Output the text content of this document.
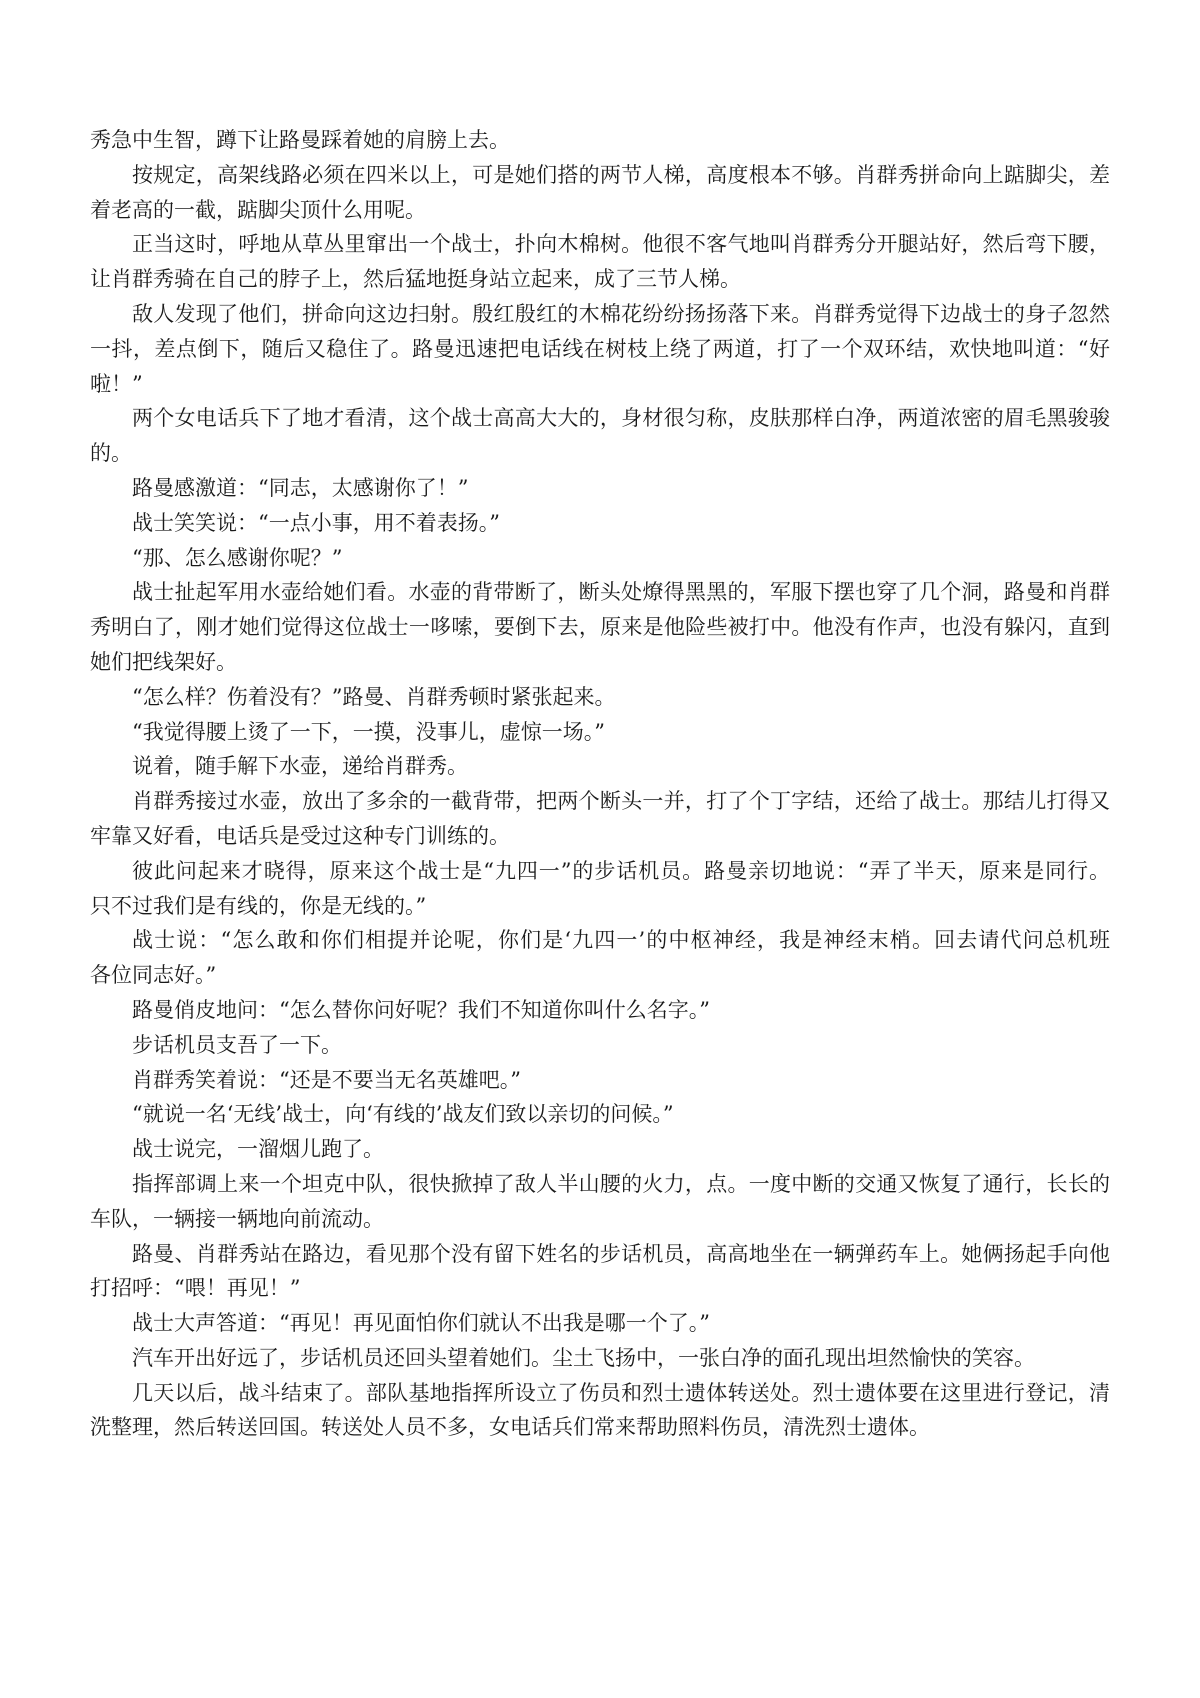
秀急中生智，蹲下让路曼踩着她的肩膀上去。
按规定，高架线路必须在四米以上，可是她们搭的两节人梯，高度根本不够。肖群秀拼命向上踮脚尖，差
着老高的一截，踮脚尖顶什么用呢。
正当这时，呼地从草丛里窜出一个战士，扑向木棉树。他很不客气地叫肖群秀分开腿站好，然后弯下腰，
让肖群秀骑在自己的脖子上，然后猛地挺身站立起来，成了三节人梯。
敌人发现了他们，拼命向这边扫射。殷红殷红的木棉花纷纷扬扬落下来。肖群秀觉得下边战士的身子忽然
一抖，差点倒下，随后又稳住了。路曼迅速把电话线在树枝上绕了两道，打了一个双环结，欢快地叫道：“好
啦！”
两个女电话兵下了地才看清，这个战士高高大大的，身材很匀称，皮肤那样白净，两道浓密的眉毛黑骏骏
的。
路曼感激道：“同志，太感谢你了！”
战士笑笑说：“一点小事，用不着表扬。”
“那、怎么感谢你呢？”
战士扯起军用水壶给她们看。水壶的背带断了，断头处燎得黑黑的，军服下摆也穿了几个洞，路曼和肖群
秀明白了，刚才她们觉得这位战士一哆嗦，要倒下去，原来是他险些被打中。他没有作声，也没有躲闪，直到
她们把线架好。
“怎么样？伤着没有？”路曼、肖群秀顿时紧张起来。
“我觉得腰上烫了一下，一摸，没事儿，虚惊一场。”
说着，随手解下水壶，递给肖群秀。
肖群秀接过水壶，放出了多余的一截背带，把两个断头一并，打了个丁字结，还给了战士。那结儿打得又
牢靠又好看，电话兵是受过这种专门训练的。
彼此问起来才晓得，原来这个战士是“九四一”的步话机员。路曼亲切地说：“弄了半天，原来是同行。
只不过我们是有线的，你是无线的。”
战士说：“怎么敢和你们相提并论呢，你们是‘九四一’的中枢神经，我是神经末梢。回去请代问总机班
各位同志好。”
路曼俏皮地问：“怎么替你问好呢？我们不知道你叫什么名字。”
步话机员支吾了一下。
肖群秀笑着说：“还是不要当无名英雄吧。”
“就说一名‘无线’战士，向‘有线的’战友们致以亲切的问候。”
战士说完，一溜烟儿跑了。
指挥部调上来一个坦克中队，很快掀掉了敌人半山腰的火力，点。一度中断的交通又恢复了通行，长长的
车队，一辆接一辆地向前流动。
路曼、肖群秀站在路边，看见那个没有留下姓名的步话机员，高高地坐在一辆弹药车上。她俩扬起手向他
打招呼：“喂！再见！”
战士大声答道：“再见！再见面怕你们就认不出我是哪一个了。”
汽车开出好远了，步话机员还回头望着她们。尘土飞扬中，一张白净的面孔现出坦然愉快的笑容。
几天以后，战斗结束了。部队基地指挥所设立了伤员和烈士遗体转送处。烈士遗体要在这里进行登记，清
洗整理，然后转送回国。转送处人员不多，女电话兵们常来帮助照料伤员，清洗烈士遗体。
